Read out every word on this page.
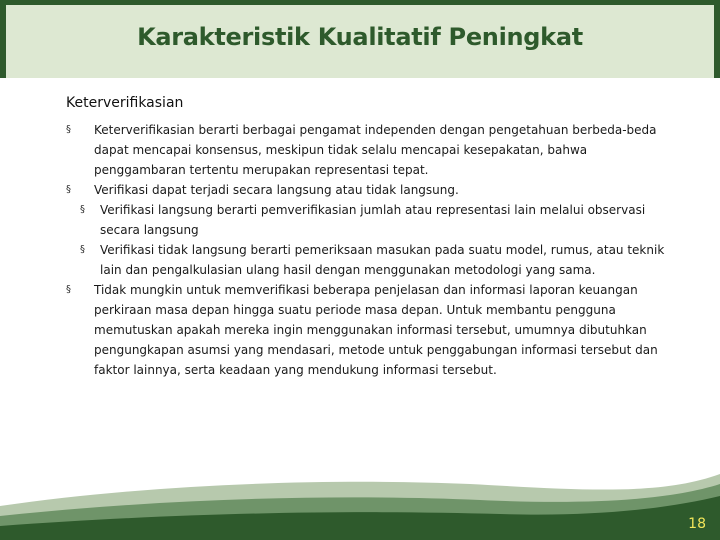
Karakteristik Kualitatif Peningkat
Keterverifikasian
§ Keterverifikasian berarti berbagai pengamat independen dengan pengetahuan berbeda-beda dapat mencapai konsensus, meskipun tidak selalu mencapai kesepakatan, bahwa penggambaran tertentu merupakan representasi tepat.
§ Verifikasi dapat terjadi secara langsung atau tidak langsung.
§ Verifikasi langsung berarti pemverifikasian jumlah atau representasi lain melalui observasi secara langsung
§ Verifikasi tidak langsung berarti pemeriksaan masukan pada suatu model, rumus, atau teknik lain dan pengalkulasian ulang hasil dengan menggunakan metodologi yang sama.
§ Tidak mungkin untuk memverifikasi beberapa penjelasan dan informasi laporan keuangan perkiraan masa depan hingga suatu periode masa depan. Untuk membantu pengguna memutuskan apakah mereka ingin menggunakan informasi tersebut, umumnya dibutuhkan pengungkapan asumsi yang mendasari, metode untuk penggabungan informasi tersebut dan faktor lainnya, serta keadaan yang mendukung informasi tersebut.
18
